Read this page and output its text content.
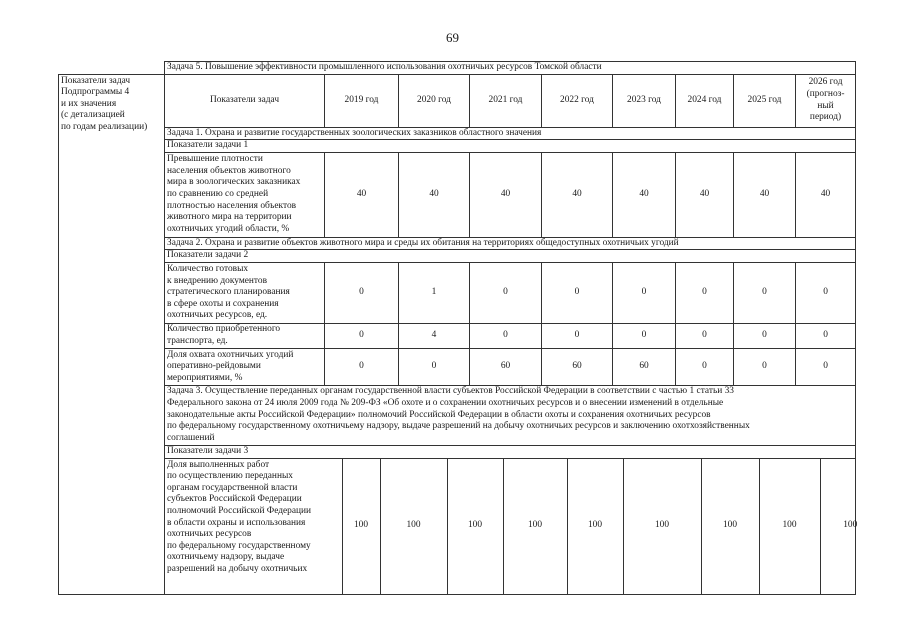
69
	Задача 5. Повышение эффективности промышленного использования охотничьих ресурсов Томской области
Показатели задач
Подпрограммы 4
и их значения
(с детализацией
по годам реализации)	Показатели задач	2019 год	2020 год	2021 год	2022 год	2023 год	2024 год	2025 год	2026 год
(прогноз-
ный
период)
Задача 1. Охрана и развитие государственных зоологических заказников областного значения
Показатели задачи 1
Превышение плотности
населения объектов животного
мира в зоологических заказниках
по сравнению со средней
плотностью населения объектов
животного мира на территории
охотничьих угодий области, %	40	40	40	40	40	40	40	40
Задача 2. Охрана и развитие объектов животного мира и среды их обитания на территориях общедоступных охотничьих угодий
Показатели задачи 2
Количество готовых
к внедрению документов
стратегического планирования
в сфере охоты и сохранения
охотничьих ресурсов, ед.	0	1	0	0	0	0	0	0
Количество приобретенного
транспорта, ед.	0	4	0	0	0	0	0	0
Доля охвата охотничьих угодий
оперативно-рейдовыми
мероприятиями, %	0	0	60	60	60	0	0	0
Задача 3. Осуществление переданных органам государственной власти субъектов Российской Федерации в соответствии с частью 1 статьи 33
Федерального закона от 24 июля 2009 года № 209-ФЗ «Об охоте и о сохранении охотничьих ресурсов и о внесении изменений в отдельные
законодательные акты Российской Федерации» полномочий Российской Федерации в области охоты и сохранения охотничьих ресурсов
по федеральному государственному охотничьему надзору, выдаче разрешений на добычу охотничьих ресурсов и заключению охотхозяйственных
соглашений
Показатели задачи 3

Доля выполненных работ
по осуществлению переданных
органам государственной власти
субъектов Российской Федерации
полномочий Российской Федерации
в области охраны и использования
охотничьих ресурсов
по федеральному государственному
охотничьему надзору, выдаче
разрешений на добычу охотничьих	100	100	100	100	100	100	100	100	100
